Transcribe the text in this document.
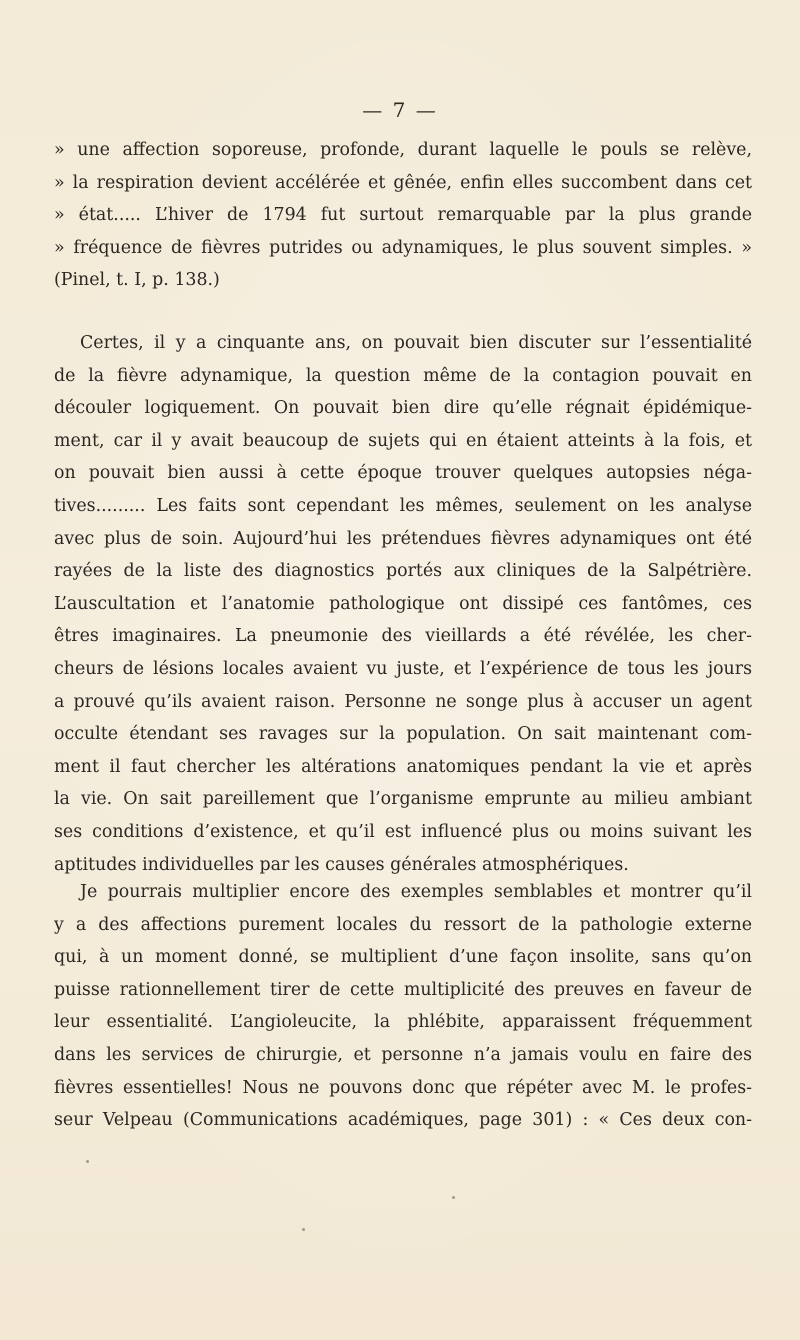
— 7 —
» une affection soporeuse, profonde, durant laquelle le pouls se relève,
» la respiration devient accélérée et gênée, enfin elles succombent dans cet
» état..... L’hiver de 1794 fut surtout remarquable par la plus grande
» fréquence de fièvres putrides ou adynamiques, le plus souvent simples. »
(Pinel, t. I, p. 138.)
Certes, il y a cinquante ans, on pouvait bien discuter sur l’essentialité
de la fièvre adynamique, la question même de la contagion pouvait en
découler logiquement. On pouvait bien dire qu’elle régnait épidémique-
ment, car il y avait beaucoup de sujets qui en étaient atteints à la fois, et
on pouvait bien aussi à cette époque trouver quelques autopsies néga-
tives......... Les faits sont cependant les mêmes, seulement on les analyse
avec plus de soin. Aujourd’hui les prétendues fièvres adynamiques ont été
rayées de la liste des diagnostics portés aux cliniques de la Salpétrière.
L’auscultation et l’anatomie pathologique ont dissipé ces fantômes, ces
êtres imaginaires. La pneumonie des vieillards a été révélée, les cher-
cheurs de lésions locales avaient vu juste, et l’expérience de tous les jours
a prouvé qu’ils avaient raison. Personne ne songe plus à accuser un agent
occulte étendant ses ravages sur la population. On sait maintenant com-
ment il faut chercher les altérations anatomiques pendant la vie et après
la vie. On sait pareillement que l’organisme emprunte au milieu ambiant
ses conditions d’existence, et qu’il est influencé plus ou moins suivant les
aptitudes individuelles par les causes générales atmosphériques.
Je pourrais multiplier encore des exemples semblables et montrer qu’il
y a des affections purement locales du ressort de la pathologie externe
qui, à un moment donné, se multiplient d’une façon insolite, sans qu’on
puisse rationnellement tirer de cette multiplicité des preuves en faveur de
leur essentialité. L’angioleucite, la phlébite, apparaissent fréquemment
dans les services de chirurgie, et personne n’a jamais voulu en faire des
fièvres essentielles! Nous ne pouvons donc que répéter avec M. le profes-
seur Velpeau (Communications académiques, page 301) : « Ces deux con-
